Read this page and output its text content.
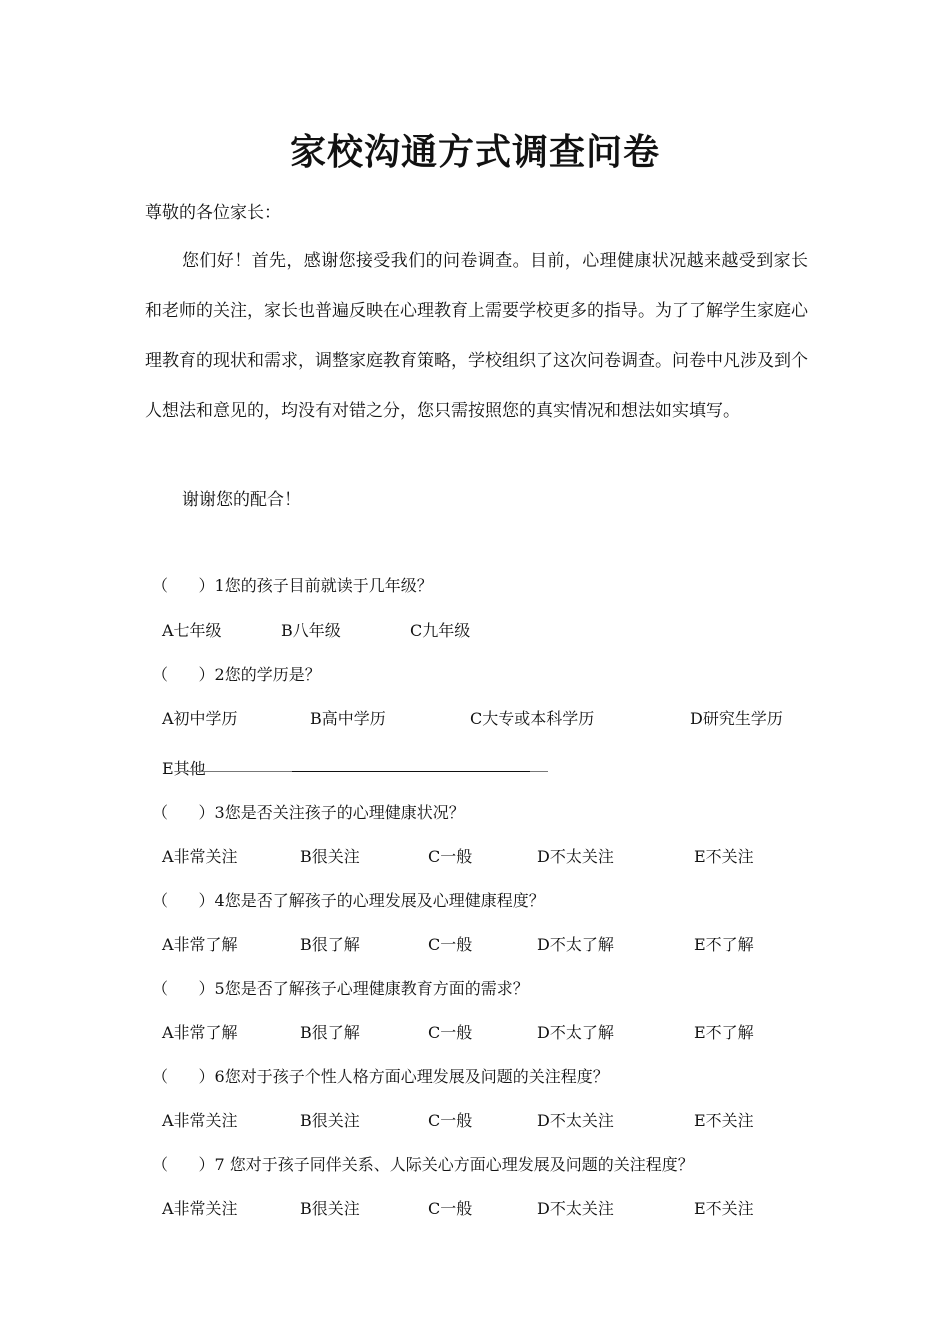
家校沟通方式调查问卷
尊敬的各位家长：
您们好！首先，感谢您接受我们的问卷调查。目前，心理健康状况越来越受到家长和老师的关注，家长也普遍反映在心理教育上需要学校更多的指导。为了了解学生家庭心理教育的现状和需求，调整家庭教育策略，学校组织了这次问卷调查。问卷中凡涉及到个人想法和意见的，均没有对错之分，您只需按照您的真实情况和想法如实填写。
谢谢您的配合！
（      ）1您的孩子目前就读于几年级？
A七年级	B八年级	C九年级
（      ）2您的学历是？
A初中学历	B高中学历	C大专或本科学历	D研究生学历
E其他
（      ）3您是否关注孩子的心理健康状况？
A非常关注	B很关注	C一般	D不太关注	E不关注
（      ）4您是否了解孩子的心理发展及心理健康程度？
A非常了解	B很了解	C一般	D不太了解	E不了解
（      ）5您是否了解孩子心理健康教育方面的需求？
A非常了解	B很了解	C一般	D不太了解	E不了解
（      ）6您对于孩子个性人格方面心理发展及问题的关注程度？
A非常关注	B很关注	C一般	D不太关注	E不关注
（      ）7 您对于孩子同伴关系、人际关心方面心理发展及问题的关注程度？
A非常关注	B很关注	C一般	D不太关注	E不关注
